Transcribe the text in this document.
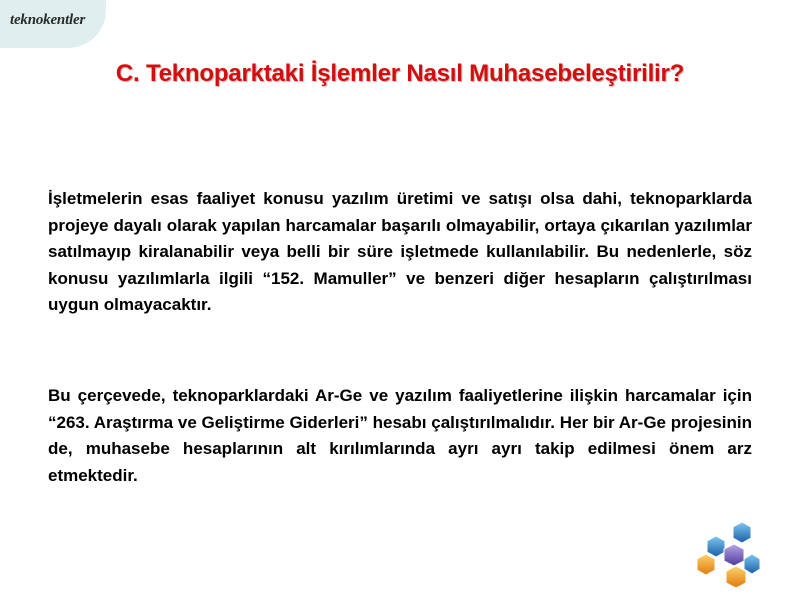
teknokentler
C. Teknoparktaki İşlemler Nasıl Muhasebeleştirilir?

İşletmelerin esas faaliyet konusu yazılım üretimi ve satışı olsa dahi, teknoparklarda projeye dayalı olarak yapılan harcamalar başarılı olmayabilir, ortaya çıkarılan yazılımlar satılmayıp kiralanabilir veya belli bir süre işletmede kullanılabilir. Bu nedenlerle, söz konusu yazılımlarla ilgili “152. Mamuller” ve benzeri diğer hesapların çalıştırılması uygun olmayacaktır.

Bu çerçevede, teknoparklardaki Ar-Ge ve yazılım faaliyetlerine ilişkin harcamalar için “263. Araştırma ve Geliştirme Giderleri” hesabı çalıştırılmalıdır. Her bir Ar-Ge projesinin de, muhasebe hesaplarının alt kırılımlarında ayrı ayrı takip edilmesi önem arz etmektedir.
